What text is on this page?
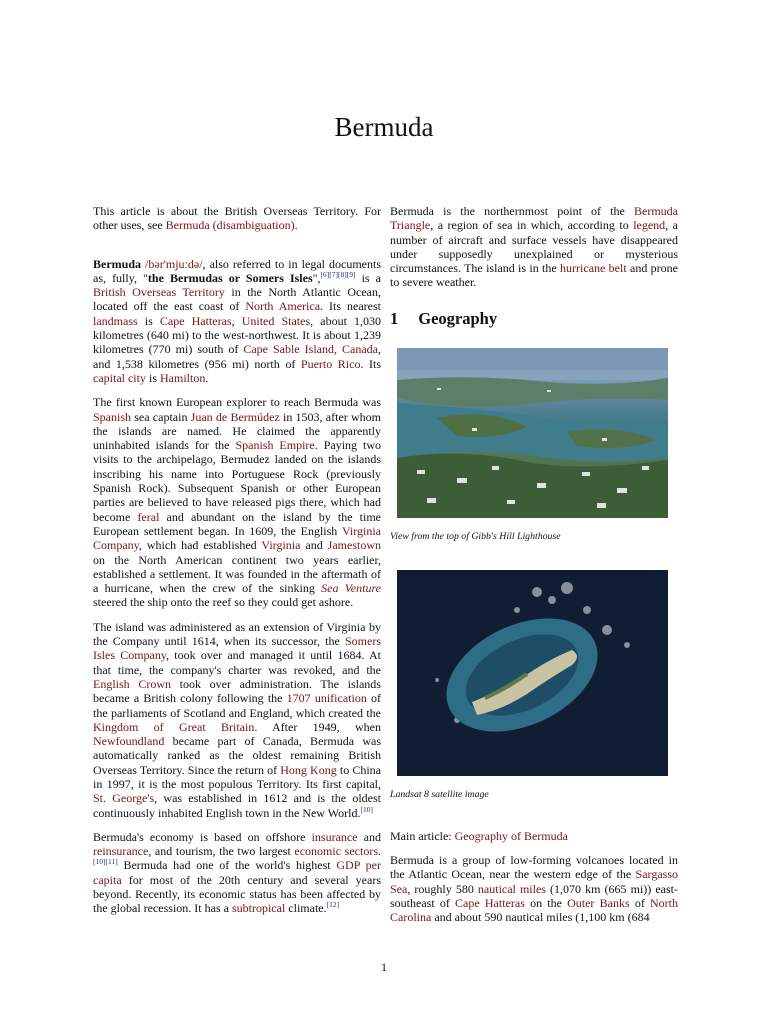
Bermuda

This article is about the British Overseas Territory. For other uses, see Bermuda (disambiguation).

Bermuda /bər'mjuːdə/, also referred to in legal documents as, fully, "the Bermudas or Somers Isles",[6][7][8][9] is a British Overseas Territory in the North Atlantic Ocean, located off the east coast of North America. Its nearest landmass is Cape Hatteras, United States, about 1,030 kilometres (640 mi) to the west-northwest. It is about 1,239 kilometres (770 mi) south of Cape Sable Island, Canada, and 1,538 kilometres (956 mi) north of Puerto Rico. Its capital city is Hamilton.

The first known European explorer to reach Bermuda was Spanish sea captain Juan de Bermúdez in 1503, after whom the islands are named. He claimed the apparently uninhabited islands for the Spanish Empire. Paying two visits to the archipelago, Bermudez landed on the islands inscribing his name into Portuguese Rock (previously Spanish Rock). Subsequent Spanish or other European parties are believed to have released pigs there, which had become feral and abundant on the island by the time European settlement began. In 1609, the English Virginia Company, which had established Virginia and Jamestown on the North American continent two years earlier, established a settlement. It was founded in the aftermath of a hurricane, when the crew of the sinking Sea Venture steered the ship onto the reef so they could get ashore.

The island was administered as an extension of Virginia by the Company until 1614, when its successor, the Somers Isles Company, took over and managed it until 1684. At that time, the company's charter was revoked, and the English Crown took over administration. The islands became a British colony following the 1707 unification of the parliaments of Scotland and England, which created the Kingdom of Great Britain. After 1949, when Newfoundland became part of Canada, Bermuda was automatically ranked as the oldest remaining British Overseas Territory. Since the return of Hong Kong to China in 1997, it is the most populous Territory. Its first capital, St. George's, was established in 1612 and is the oldest continuously inhabited English town in the New World.[10]

Bermuda's economy is based on offshore insurance and reinsurance, and tourism, the two largest economic sectors.[10][11] Bermuda had one of the world's highest GDP per capita for most of the 20th century and several years beyond. Recently, its economic status has been affected by the global recession. It has a subtropical climate.[12]

Bermuda is the northernmost point of the Bermuda Triangle, a region of sea in which, according to legend, a number of aircraft and surface vessels have disappeared under supposedly unexplained or mysterious circumstances. The island is in the hurricane belt and prone to severe weather.

1 Geography
View from the top of Gibb's Hill Lighthouse
Landsat 8 satellite image

Main article: Geography of Bermuda

Bermuda is a group of low-forming volcanoes located in the Atlantic Ocean, near the western edge of the Sargasso Sea, roughly 580 nautical miles (1,070 km (665 mi)) east-southeast of Cape Hatteras on the Outer Banks of North Carolina and about 590 nautical miles (1,100 km (684

1
